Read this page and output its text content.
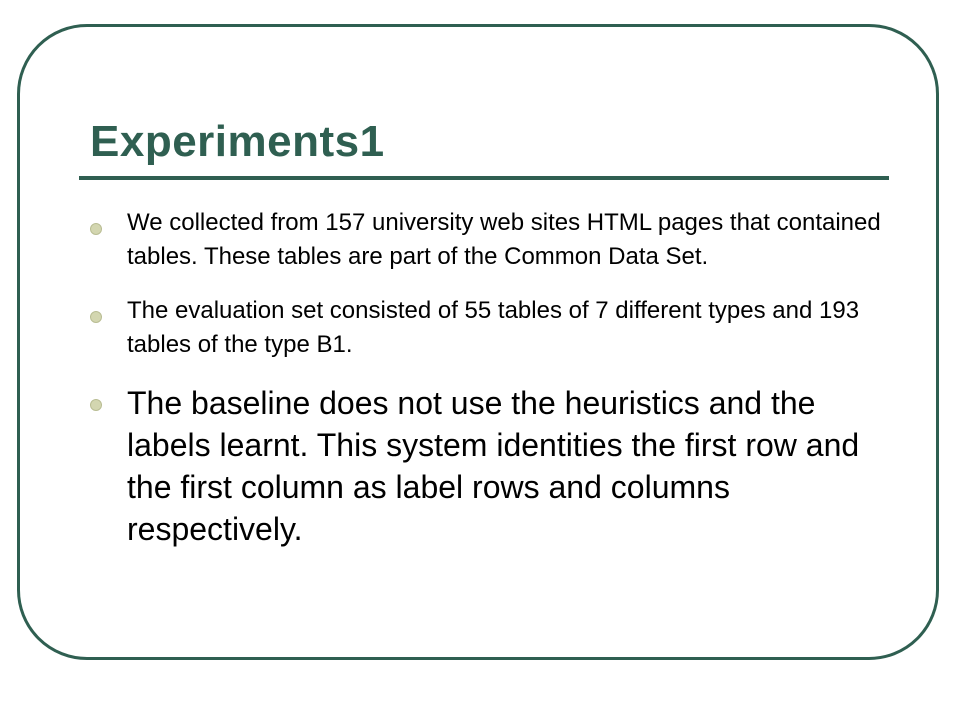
Experiments1
We collected from 157 university web sites HTML pages that contained tables. These tables are part of the Common Data Set.
The evaluation set consisted of 55 tables of 7 different types and 193 tables of the type B1.
The baseline does not use the heuristics and the labels learnt. This system identities the first row and the first column as label rows and columns respectively.
